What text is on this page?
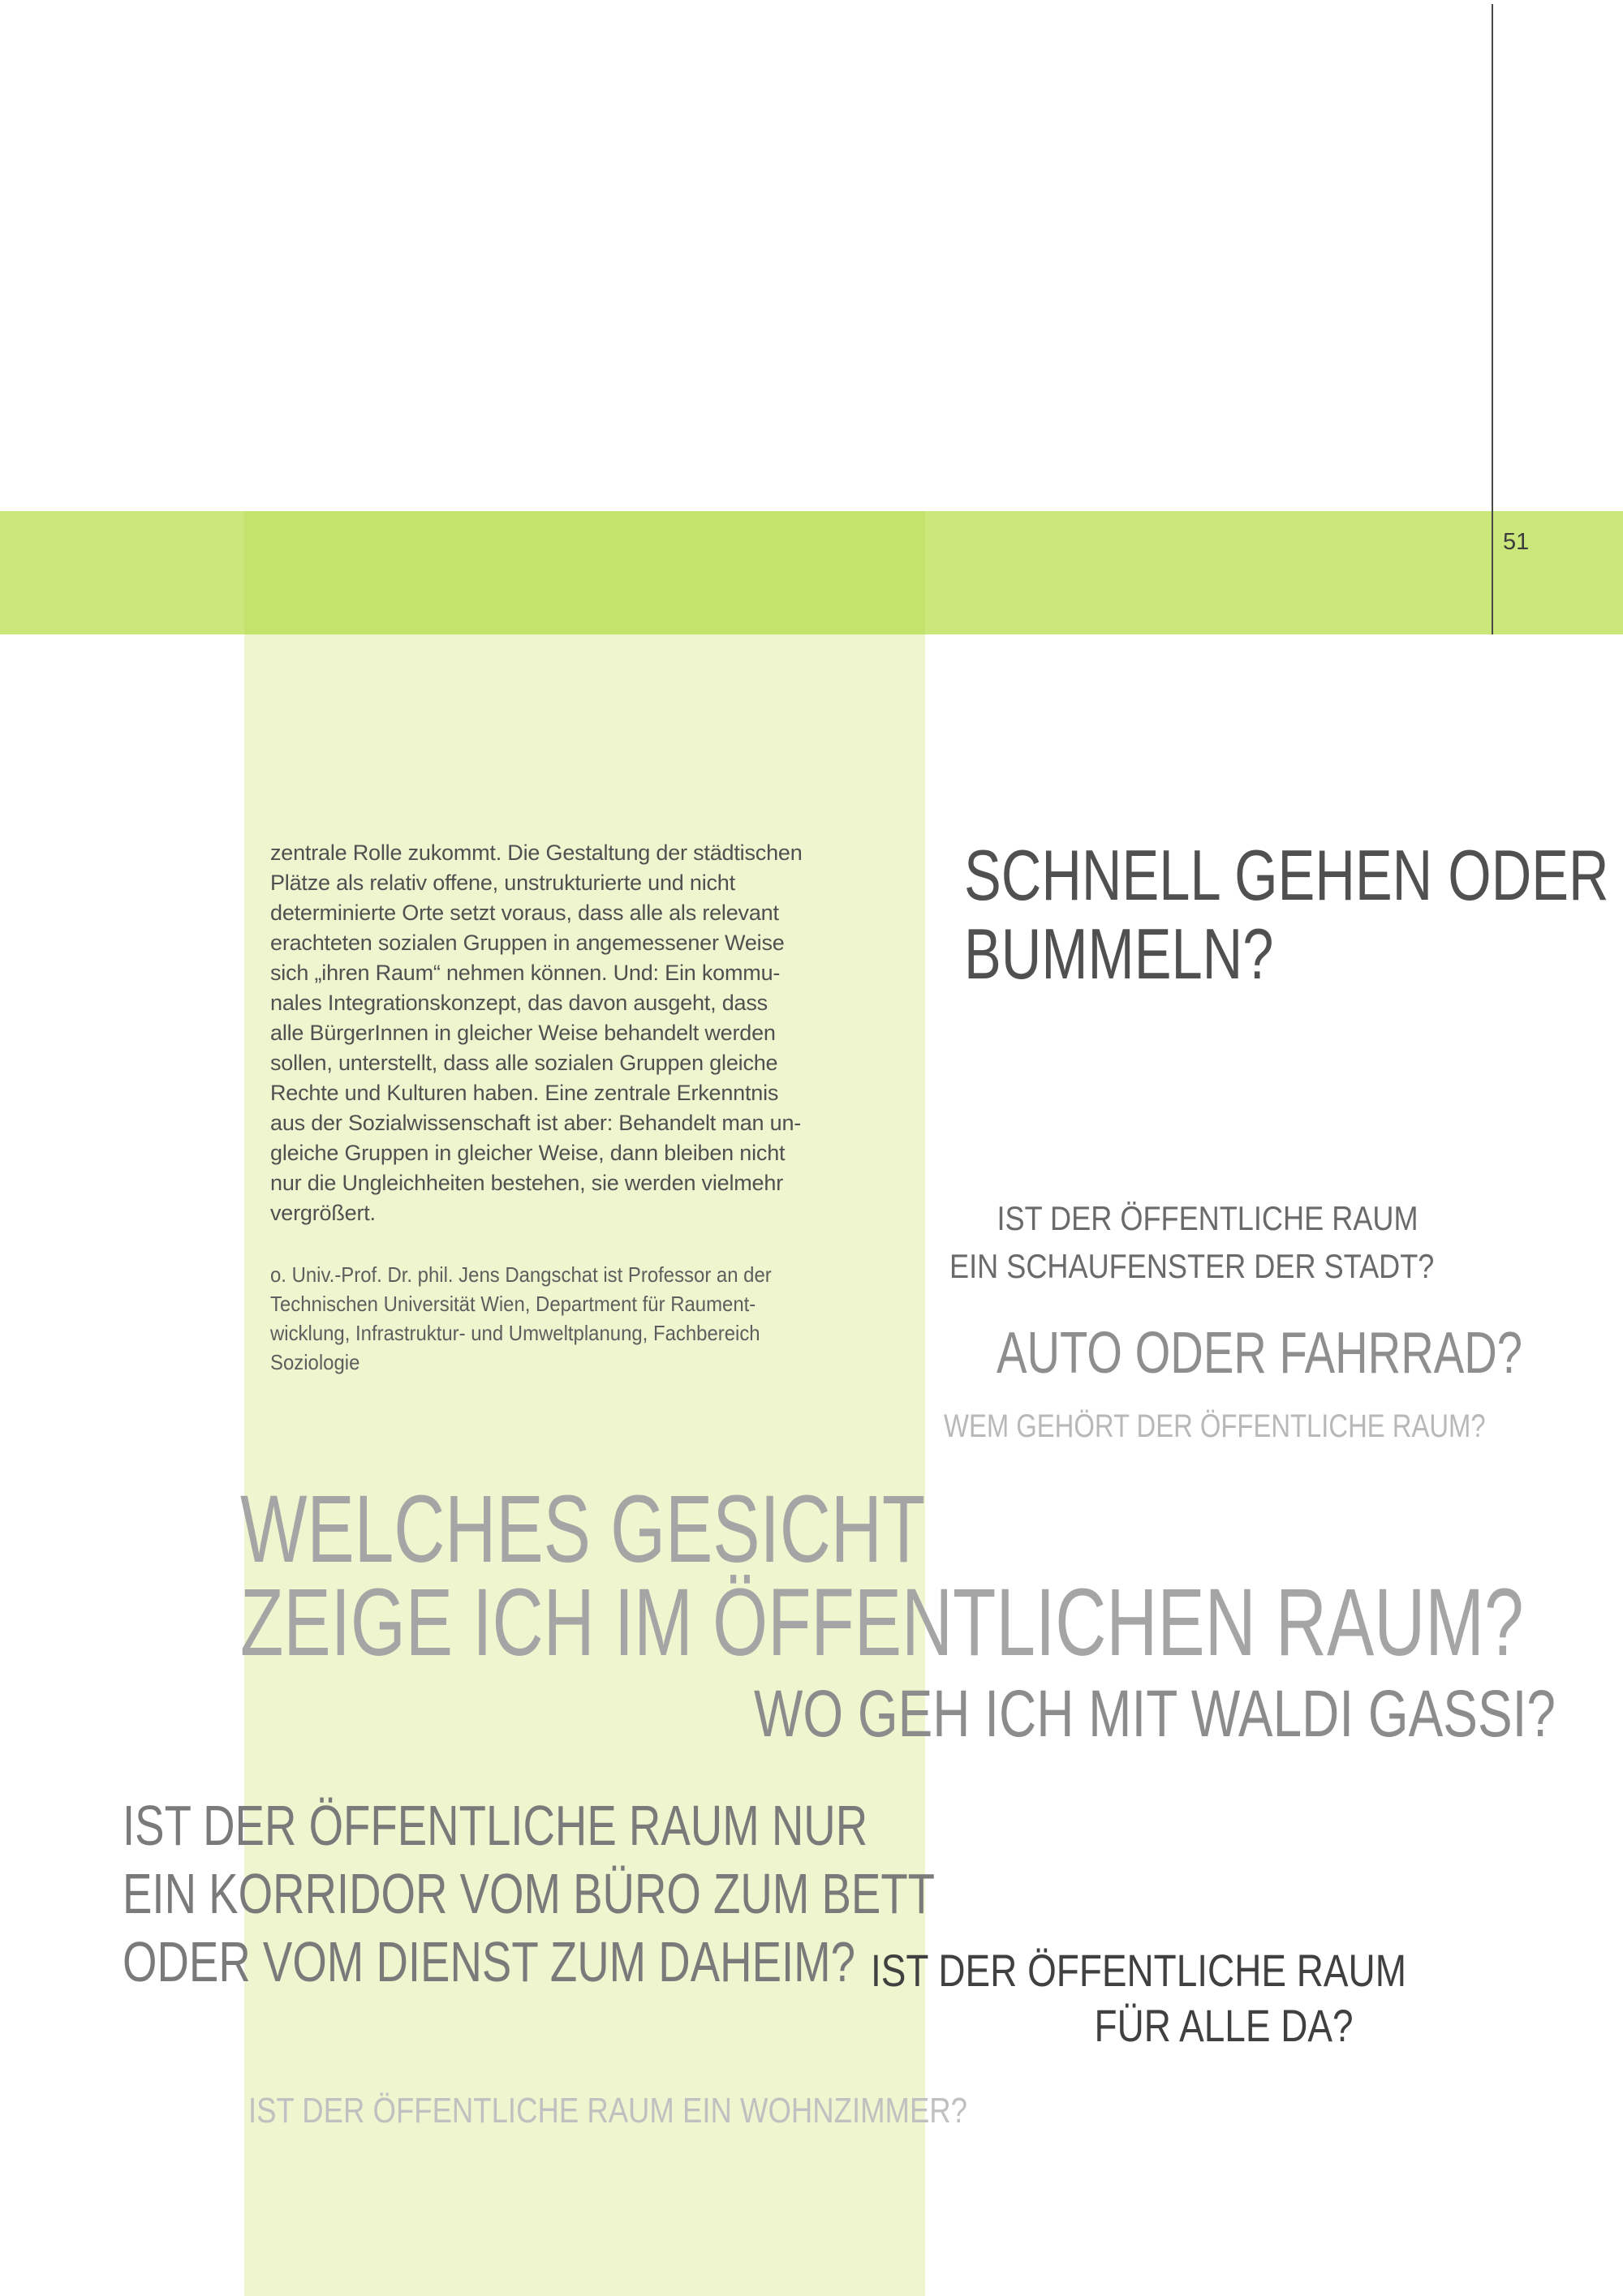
51
zentrale Rolle zukommt. Die Gestaltung der städtischen
Plätze als relativ offene, unstrukturierte und nicht
determinierte Orte setzt voraus, dass alle als relevant
erachteten sozialen Gruppen in angemessener Weise
sich „ihren Raum“ nehmen können. Und: Ein kommu-
nales Integrationskonzept, das davon ausgeht, dass
alle BürgerInnen in gleicher Weise behandelt werden
sollen, unterstellt, dass alle sozialen Gruppen gleiche
Rechte und Kulturen haben. Eine zentrale Erkenntnis
aus der Sozialwissenschaft ist aber: Behandelt man un-
gleiche Gruppen in gleicher Weise, dann bleiben nicht
nur die Ungleichheiten bestehen, sie werden vielmehr
vergrößert.
o. Univ.-Prof. Dr. phil. Jens Dangschat ist Professor an der
Technischen Universität Wien, Department für Raument-
wicklung, Infrastruktur- und Umweltplanung, Fachbereich
Soziologie
SCHNELL GEHEN ODER
BUMMELN?
IST DER ÖFFENTLICHE RAUM
EIN SCHAUFENSTER DER STADT?
AUTO ODER FAHRRAD?
WEM GEHÖRT DER ÖFFENTLICHE RAUM?
WELCHES GESICHT
ZEIGE ICH IM ÖFFENTLICHEN RAUM?
WO GEH ICH MIT WALDI GASSI?
IST DER ÖFFENTLICHE RAUM NUR
EIN KORRIDOR VOM BÜRO ZUM BETT
ODER VOM DIENST ZUM DAHEIM? IST DER ÖFFENTLICHE RAUM
FÜR ALLE DA?
IST DER ÖFFENTLICHE RAUM EIN WOHNZIMMER?
